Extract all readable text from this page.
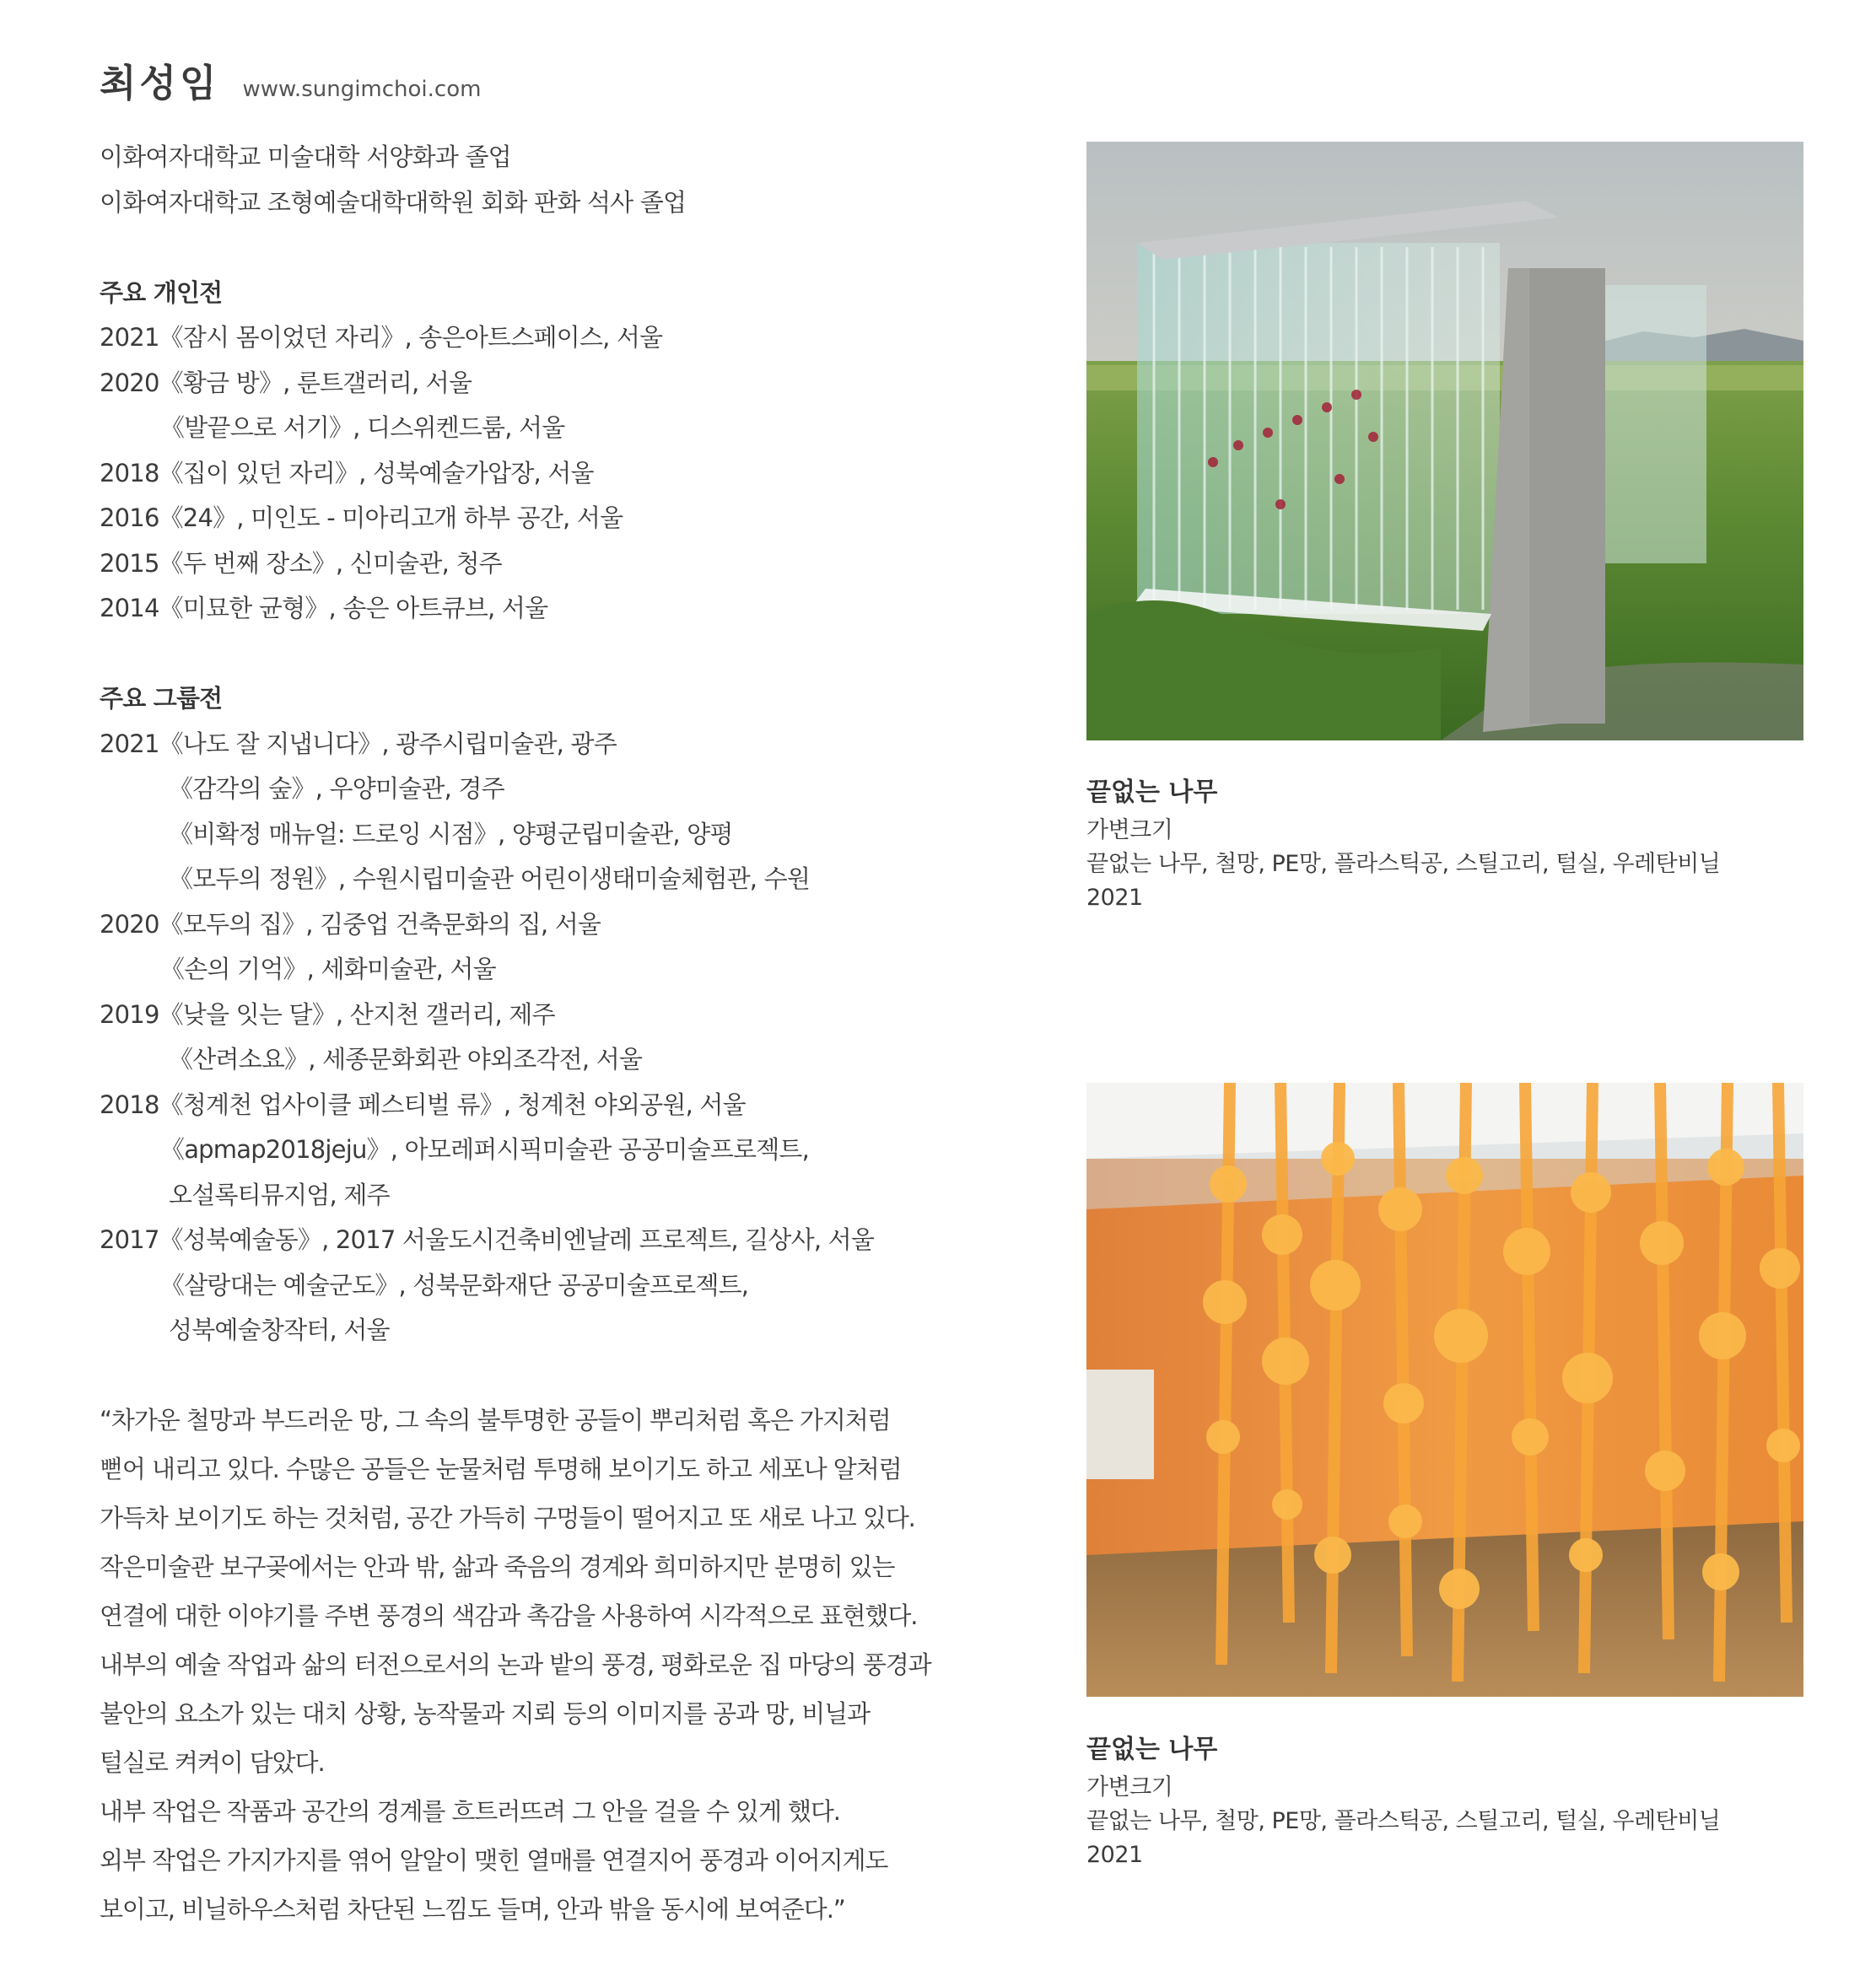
최성임 www.sungimchoi.com
이화여자대학교 미술대학 서양화과 졸업
이화여자대학교 조형예술대학대학원 회화 판화 석사 졸업
주요 개인전
2021《잠시 몸이었던 자리》, 송은아트스페이스, 서울
2020《황금 방》, 룬트갤러리, 서울
《발끝으로 서기》, 디스위켄드룸, 서울
2018《집이 있던 자리》, 성북예술가압장, 서울
2016《24》, 미인도 - 미아리고개 하부 공간, 서울
2015《두 번째 장소》, 신미술관, 청주
2014《미묘한 균형》, 송은 아트큐브, 서울
주요 그룹전
2021《나도 잘 지냅니다》, 광주시립미술관, 광주
《감각의 숲》, 우양미술관, 경주
《비확정 매뉴얼: 드로잉 시점》, 양평군립미술관, 양평
《모두의 정원》, 수원시립미술관 어린이생태미술체험관, 수원
2020《모두의 집》, 김중업 건축문화의 집, 서울
《손의 기억》, 세화미술관, 서울
2019《낮을 잇는 달》, 산지천 갤러리, 제주
《산려소요》, 세종문화회관 야외조각전, 서울
2018《청계천 업사이클 페스티벌 류》, 청계천 야외공원, 서울
《apmap2018jeju》, 아모레퍼시픽미술관 공공미술프로젝트,
오설록티뮤지엄, 제주
2017《성북예술동》, 2017 서울도시건축비엔날레 프로젝트, 길상사, 서울
《살랑대는 예술군도》, 성북문화재단 공공미술프로젝트,
성북예술창작터, 서울
“차가운 철망과 부드러운 망, 그 속의 불투명한 공들이 뿌리처럼 혹은 가지처럼
뻗어 내리고 있다. 수많은 공들은 눈물처럼 투명해 보이기도 하고 세포나 알처럼
가득차 보이기도 하는 것처럼, 공간 가득히 구멍들이 떨어지고 또 새로 나고 있다.
작은미술관 보구곶에서는 안과 밖, 삶과 죽음의 경계와 희미하지만 분명히 있는
연결에 대한 이야기를 주변 풍경의 색감과 촉감을 사용하여 시각적으로 표현했다.
내부의 예술 작업과 삶의 터전으로서의 논과 밭의 풍경, 평화로운 집 마당의 풍경과
불안의 요소가 있는 대치 상황, 농작물과 지뢰 등의 이미지를 공과 망, 비닐과
털실로 켜켜이 담았다.
내부 작업은 작품과 공간의 경계를 흐트러뜨려 그 안을 걸을 수 있게 했다.
외부 작업은 가지가지를 엮어 알알이 맺힌 열매를 연결지어 풍경과 이어지게도
보이고, 비닐하우스처럼 차단된 느낌도 들며, 안과 밖을 동시에 보여준다.”
끝없는 나무
가변크기
끝없는 나무, 철망, PE망, 플라스틱공, 스틸고리, 털실, 우레탄비닐
2021
끝없는 나무
가변크기
끝없는 나무, 철망, PE망, 플라스틱공, 스틸고리, 털실, 우레탄비닐
2021
